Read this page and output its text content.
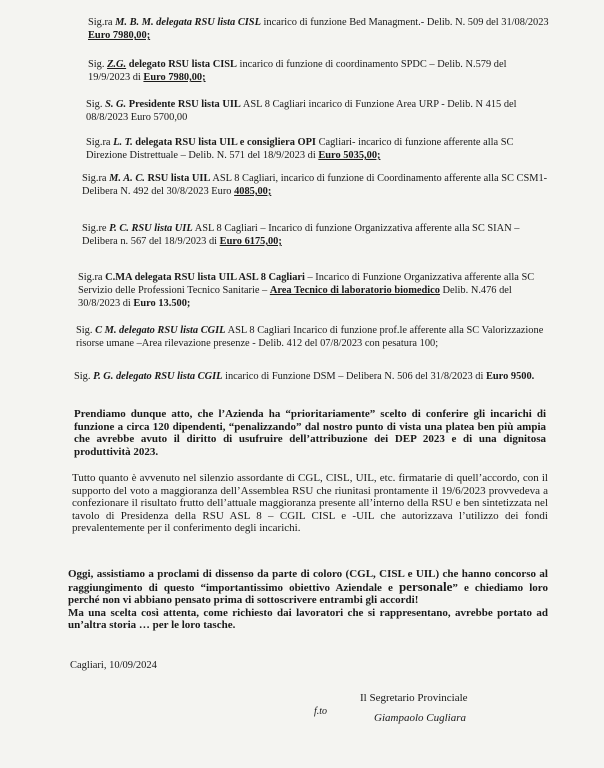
Sig.ra M. B. M. delegata RSU lista CISL incarico di funzione Bed Managment.- Delib. N. 509 del 31/08/2023 Euro 7980,00;
Sig. Z.G. delegato RSU lista CISL incarico di funzione di coordinamento SPDC – Delib. N.579 del 19/9/2023 di Euro 7980,00;
Sig. S. G. Presidente RSU lista UIL ASL 8 Cagliari incarico di Funzione Area URP - Delib. N 415 del 08/8/2023 Euro 5700,00
Sig.ra L. T. delegata RSU lista UIL e consigliera OPI Cagliari- incarico di funzione afferente alla SC Direzione Distrettuale – Delib. N. 571 del 18/9/2023 di Euro 5035,00;
Sig.ra M. A. C. RSU lista UIL ASL 8 Cagliari, incarico di funzione di Coordinamento afferente alla SC CSM1-
Delibera N. 492 del 30/8/2023 Euro 4085,00;
Sig.re P. C. RSU lista UIL ASL 8 Cagliari – Incarico di funzione Organizzativa afferente alla SC SIAN –
Delibera n. 567 del 18/9/2023 di Euro 6175,00;
Sig.ra C.MA delegata RSU lista UIL ASL 8 Cagliari – Incarico di Funzione Organizzativa afferente alla SC Servizio delle Professioni Tecnico Sanitarie – Area Tecnico di laboratorio biomedico Delib. N.476 del 30/8/2023 di Euro 13.500;
Sig. C M. delegato RSU lista CGIL ASL 8 Cagliari Incarico di funzione prof.le afferente alla SC Valorizzazione risorse umane –Area rilevazione presenze - Delib. 412 del 07/8/2023 con pesatura 100;
Sig. P. G. delegato RSU lista CGIL incarico di Funzione DSM – Delibera N. 506 del 31/8/2023 di Euro 9500.
Prendiamo dunque atto, che l’Azienda ha “prioritariamente” scelto di conferire gli incarichi di funzione a circa 120 dipendenti, “penalizzando” dal nostro punto di vista una platea ben più ampia che avrebbe avuto il diritto di usufruire dell’attribuzione dei DEP 2023 e di una dignitosa produttività 2023.
Tutto quanto è avvenuto nel silenzio assordante di CGL, CISL, UIL, etc. firmatarie di quell’accordo, con il supporto del voto a maggioranza dell’Assemblea RSU che riunitasi prontamente il 19/6/2023 provvedeva a confezionare il risultato frutto dell’attuale maggioranza presente all’interno della RSU e ben sintetizzata nel tavolo di Presidenza della RSU ASL 8 – CGIL CISL e -UIL che autorizzava l’utilizzo dei fondi prevalentemente per il conferimento degli incarichi.
Oggi, assistiamo a proclami di dissenso da parte di coloro (CGL, CISL e UIL) che hanno concorso al raggiungimento di questo “importantissimo obiettivo Aziendale e personale” e chiediamo loro perché non vi abbiano pensato prima di sottoscrivere entrambi gli accordi!
Ma una scelta così attenta, come richiesto dai lavoratori che si rappresentano, avrebbe portato ad un’altra storia … per le loro tasche.
Cagliari, 10/09/2024
Il Segretario Provinciale
f.to
Giampaolo Cugliara
